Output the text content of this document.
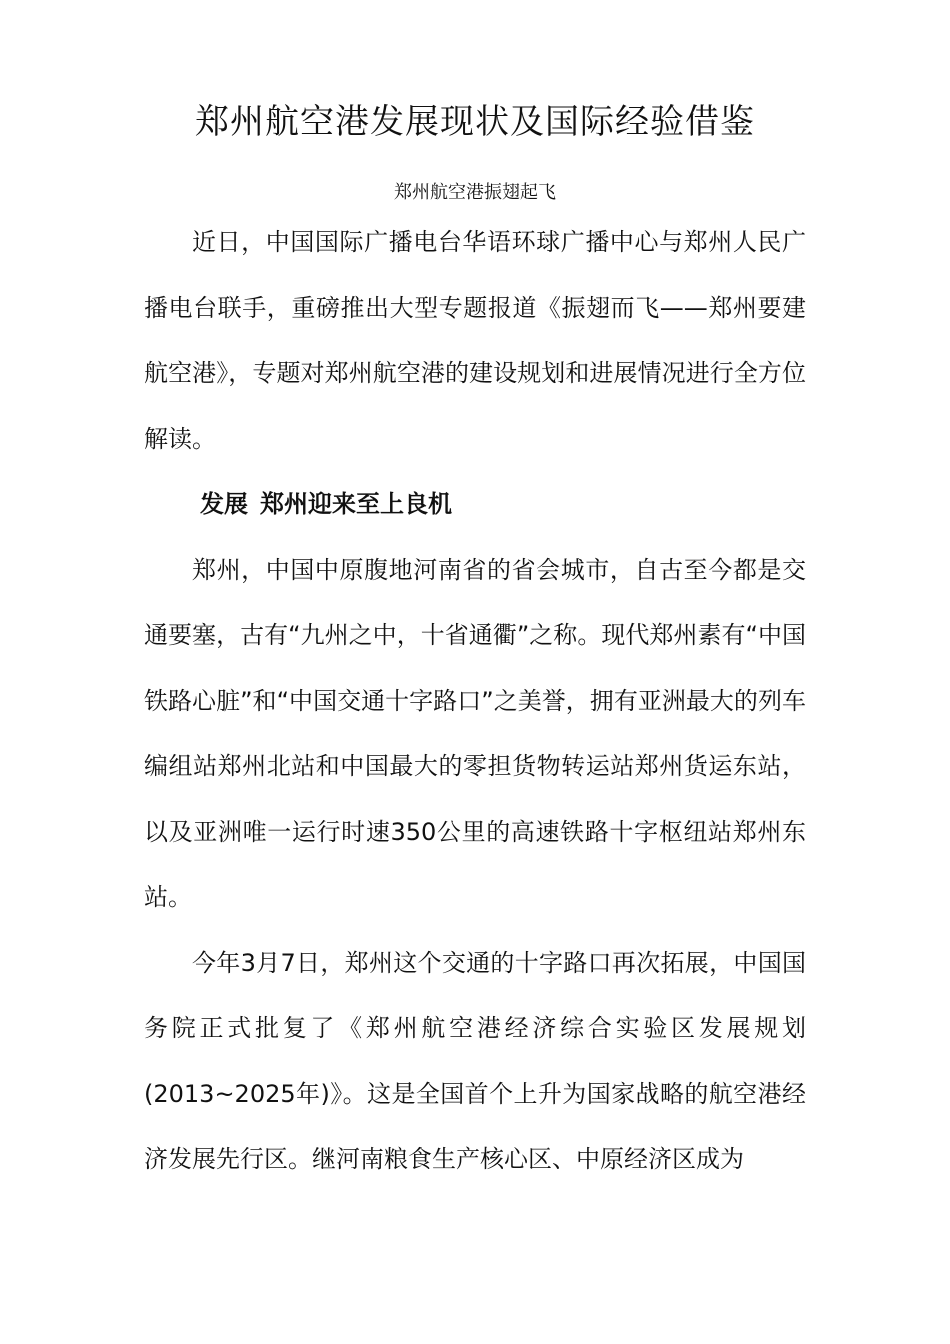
郑州航空港发展现状及国际经验借鉴

郑州航空港振翅起飞

近日，中国国际广播电台华语环球广播中心与郑州人民广播电台联手，重磅推出大型专题报道《振翅而飞——郑州要建航空港》，专题对郑州航空港的建设规划和进展情况进行全方位解读。

发展 郑州迎来至上良机

郑州，中国中原腹地河南省的省会城市，自古至今都是交通要塞，古有“九州之中，十省通衢”之称。现代郑州素有“中国铁路心脏”和“中国交通十字路口”之美誉，拥有亚洲最大的列车编组站郑州北站和中国最大的零担货物转运站郑州货运东站，以及亚洲唯一运行时速350公里的高速铁路十字枢纽站郑州东站。

今年3月7日，郑州这个交通的十字路口再次拓展，中国国务院正式批复了《郑州航空港经济综合实验区发展规划(2013~2025年)》。这是全国首个上升为国家战略的航空港经济发展先行区。继河南粮食生产核心区、中原经济区成为
